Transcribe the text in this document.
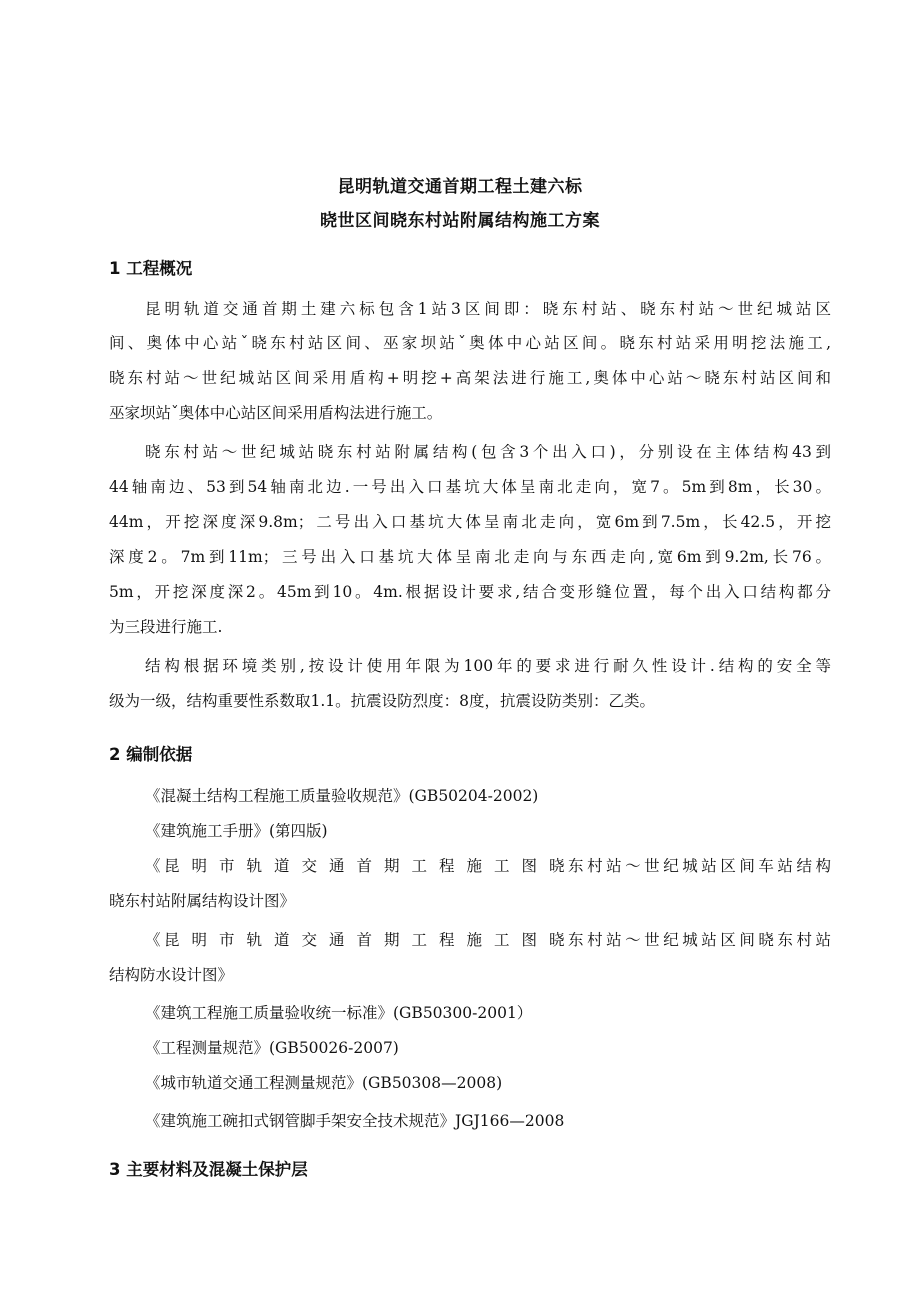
昆明轨道交通首期工程土建六标
晓世区间晓东村站附属结构施工方案
1 工程概况
昆明轨道交通首期土建六标包含1站3区间即：晓东村站、晓东村站～世纪城站区
间、奥体中心站ˇ晓东村站区间、巫家坝站ˇ奥体中心站区间。晓东村站采用明挖法施工,
晓东村站～世纪城站区间采用盾构+明挖+高架法进行施工,奥体中心站～晓东村站区间和
巫家坝站ˇ奥体中心站区间采用盾构法进行施工。
晓东村站～世纪城站晓东村站附属结构(包含3个出入口)，分别设在主体结构43到
44轴南边、53到54轴南北边.一号出入口基坑大体呈南北走向，宽7。5m到8m，长30。
44m，开挖深度深9.8m；二号出入口基坑大体呈南北走向，宽6m到7.5m，长42.5，开挖
深度2。7m到11m；三号出入口基坑大体呈南北走向与东西走向,宽6m到9.2m,长76。
5m，开挖深度深2。45m到10。4m.根据设计要求,结合变形缝位置，每个出入口结构都分
为三段进行施工.
结构根据环境类别,按设计使用年限为100年的要求进行耐久性设计.结构的安全等
级为一级，结构重要性系数取1.1。抗震设防烈度：8度，抗震设防类别：乙类。
2 编制依据
《混凝土结构工程施工质量验收规范》(GB50204-2002)
《建筑施工手册》(第四版)
《昆 明 市 轨 道 交 通 首 期 工 程 施 工 图 晓东村站～世纪城站区间车站结构
晓东村站附属结构设计图》
《昆 明 市 轨 道 交 通 首 期 工 程 施 工 图 晓东村站～世纪城站区间晓东村站
结构防水设计图》
《建筑工程施工质量验收统一标准》(GB50300-2001）
《工程测量规范》(GB50026-2007)
《城市轨道交通工程测量规范》(GB50308—2008)
《建筑施工碗扣式钢管脚手架安全技术规范》JGJ166—2008
3 主要材料及混凝土保护层
